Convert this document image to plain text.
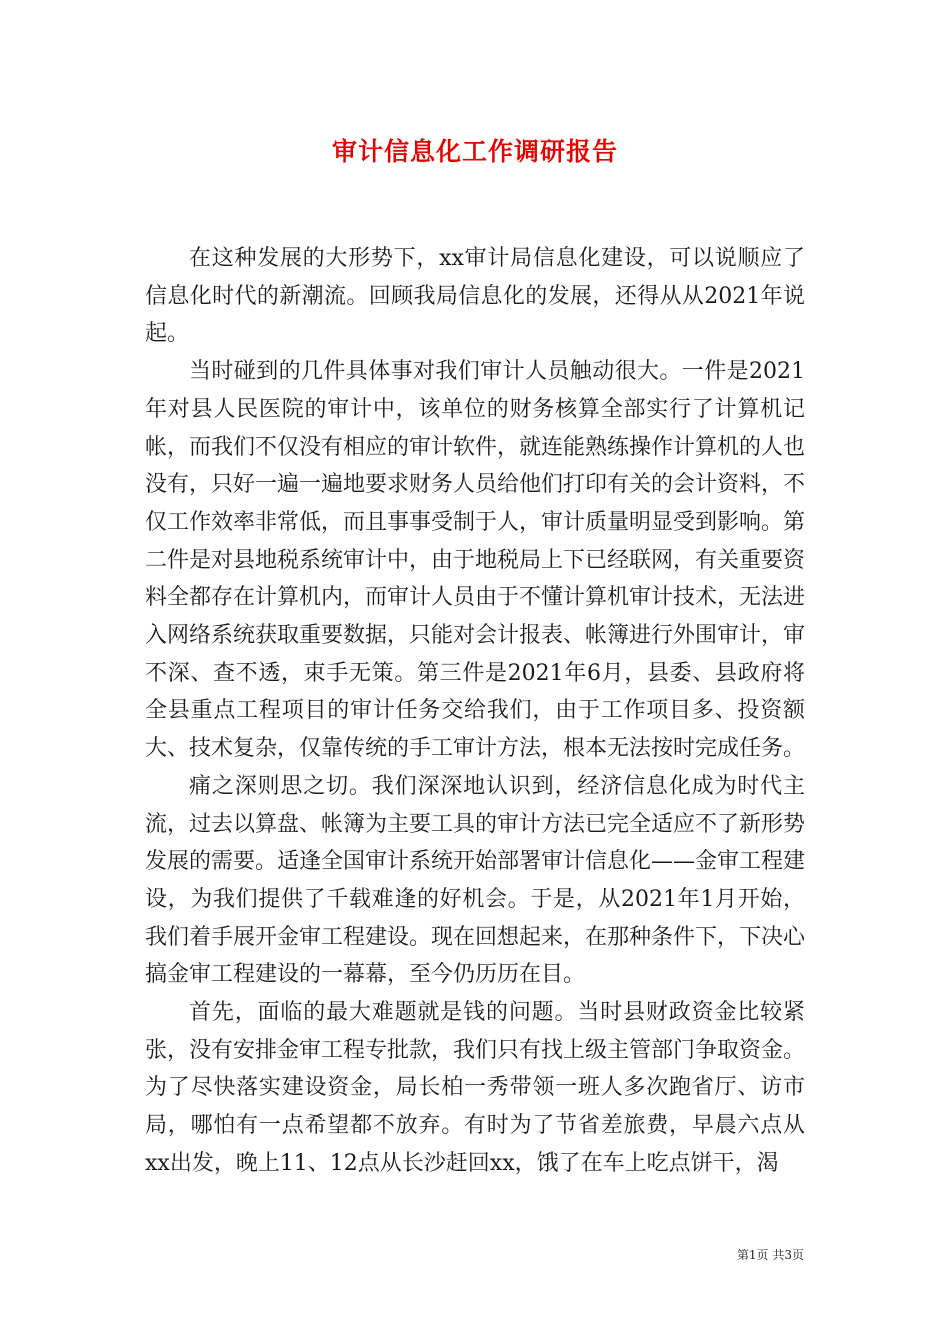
审计信息化工作调研报告

在这种发展的大形势下，xx审计局信息化建设，可以说顺应了信息化时代的新潮流。回顾我局信息化的发展，还得从从2021年说起。

当时碰到的几件具体事对我们审计人员触动很大。一件是2021年对县人民医院的审计中，该单位的财务核算全部实行了计算机记帐，而我们不仅没有相应的审计软件，就连能熟练操作计算机的人也没有，只好一遍一遍地要求财务人员给他们打印有关的会计资料，不仅工作效率非常低，而且事事受制于人，审计质量明显受到影响。第二件是对县地税系统审计中，由于地税局上下已经联网，有关重要资料全都存在计算机内，而审计人员由于不懂计算机审计技术，无法进入网络系统获取重要数据，只能对会计报表、帐簿进行外围审计，审不深、查不透，束手无策。第三件是2021年6月，县委、县政府将全县重点工程项目的审计任务交给我们，由于工作项目多、投资额大、技术复杂，仅靠传统的手工审计方法，根本无法按时完成任务。

痛之深则思之切。我们深深地认识到，经济信息化成为时代主流，过去以算盘、帐簿为主要工具的审计方法已完全适应不了新形势发展的需要。适逢全国审计系统开始部署审计信息化——金审工程建设，为我们提供了千载难逢的好机会。于是，从2021年1月开始，我们着手展开金审工程建设。现在回想起来，在那种条件下，下决心搞金审工程建设的一幕幕，至今仍历历在目。

首先，面临的最大难题就是钱的问题。当时县财政资金比较紧张，没有安排金审工程专批款，我们只有找上级主管部门争取资金。为了尽快落实建设资金，局长柏一秀带领一班人多次跑省厅、访市局，哪怕有一点希望都不放弃。有时为了节省差旅费，早晨六点从xx出发，晚上11、12点从长沙赶回xx，饿了在车上吃点饼干，渴

第1页 共3页
